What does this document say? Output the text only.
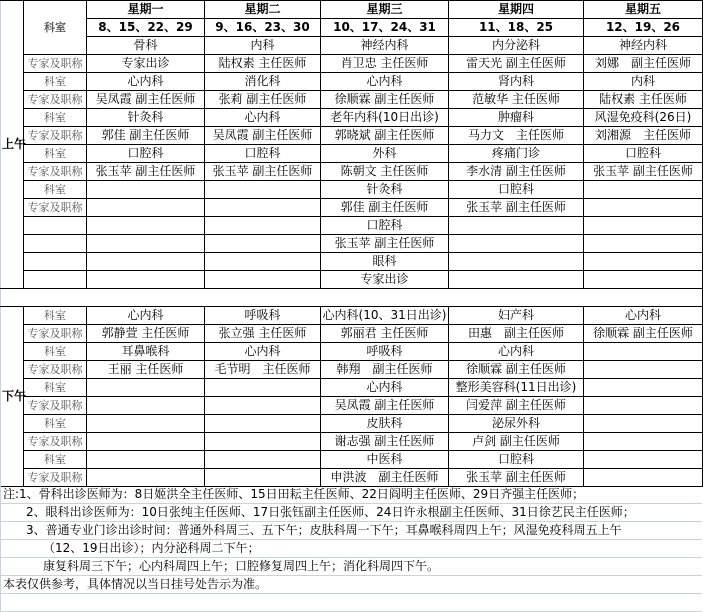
上午	科室	星期一	星期二	星期三	星期四	星期五
		8、15、22、29	9、16、23、30	10、17、24、31	11、18、25	12、19、26
		骨科	内科	神经内科	内分泌科	神经内科
	专家及职称	专家出诊	陆权素 主任医师	肖卫忠 主任医师	雷天光 副主任医师	刘娜　副主任医师
	科室	心内科	消化科	心内科	肾内科	内科
	专家及职称	吴凤霞 副主任医师	张莉 副主任医师	徐顺霖 副主任医师	范敏华 主任医师	陆权素 主任医师
	科室	针灸科	心内科	老年内科(10日出诊)	肿瘤科	风湿免疫科(26日)
	专家及职称	郭佳 副主任医师	吴凤霞 副主任医师	郭晓斌 副主任医师	马力文　主任医师	刘湘源　主任医师
	科室	口腔科	口腔科	外科	疼痛门诊	口腔科
	专家及职称	张玉苹 副主任医师	张玉苹 副主任医师	陈朝文 主任医师	李水清 副主任医师	张玉苹 副主任医师
	科室			针灸科	口腔科	
	专家及职称			郭佳 副主任医师	张玉苹 副主任医师	
				口腔科		
				张玉苹 副主任医师		
				眼科		
				专家出诊		
下午	科室	心内科	呼吸科	心内科(10、31日出诊)	妇产科	心内科
	专家及职称	郭静萱 主任医师	张立强 主任医师	郭丽君 主任医师	田惠　副主任医师	徐顺霖 副主任医师
	科室	耳鼻喉科	心内科	呼吸科	心内科	
	专家及职称	王丽 主任医师	毛节明　主任医师	韩翔　副主任医师	徐顺霖 副主任医师	
	科室			心内科	整形美容科(11日出诊)	
	专家及职称			吴凤霞 副主任医师	闫爱萍 副主任医师	
	科室			皮肤科	泌尿外科	
	专家及职称			谢志强 副主任医师	卢剑 副主任医师	
	科室			中医科	口腔科	
	专家及职称			申洪波　副主任医师	张玉苹 副主任医师	
注:1、骨科出诊医师为：8日姬洪全主任医师、15日田耘主任医师、22日阎明主任医师、29日齐强主任医师；
2、眼科出诊医师为：10日张纯主任医师、17日张钰副主任医师、24日许永根副主任医师、31日徐艺民主任医师；
3、普通专业门诊出诊时间：普通外科周三、五下午；皮肤科周一下午；耳鼻喉科周四上午；风湿免疫科周五上午
（12、19日出诊）；内分泌科周二下午；
康复科周三下午；心内科周四上午；口腔修复周四上午；消化科周四下午。
本表仅供参考，具体情况以当日挂号处告示为准。
